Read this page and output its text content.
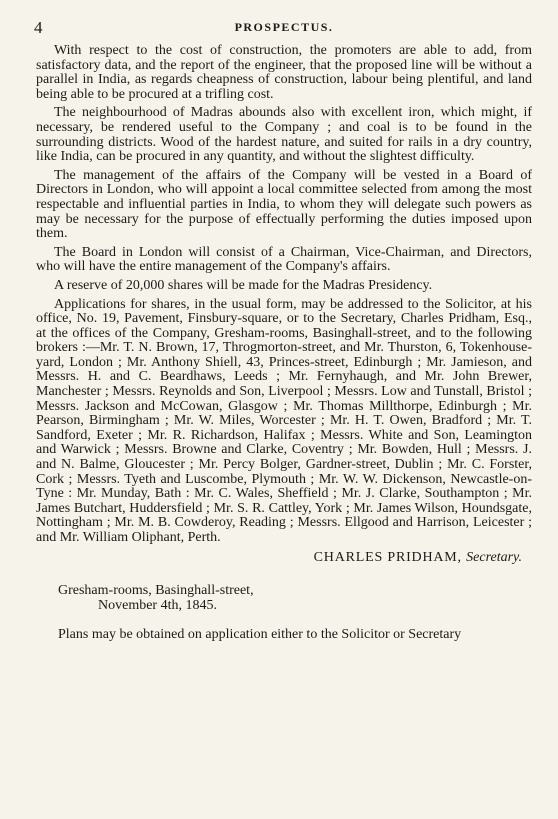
4	PROSPECTUS.

With respect to the cost of construction, the promoters are able to add, from satisfactory data, and the report of the engineer, that the proposed line will be without a parallel in India, as regards cheapness of construction, labour being plentiful, and land being able to be procured at a trifling cost.

The neighbourhood of Madras abounds also with excellent iron, which might, if necessary, be rendered useful to the Company ; and coal is to be found in the surrounding districts. Wood of the hardest nature, and suited for rails in a dry country, like India, can be procured in any quantity, and without the slightest difficulty.

The management of the affairs of the Company will be vested in a Board of Directors in London, who will appoint a local committee selected from among the most respectable and influential parties in India, to whom they will delegate such powers as may be necessary for the purpose of effectually performing the duties imposed upon them.

The Board in London will consist of a Chairman, Vice-Chairman, and Directors, who will have the entire management of the Company's affairs.

A reserve of 20,000 shares will be made for the Madras Presidency.

Applications for shares, in the usual form, may be addressed to the Solicitor, at his office, No. 19, Pavement, Finsbury-square, or to the Secretary, Charles Pridham, Esq., at the offices of the Company, Gresham-rooms, Basinghall-street, and to the following brokers :—Mr. T. N. Brown, 17, Throgmorton-street, and Mr. Thurston, 6, Tokenhouse-yard, London ; Mr. Anthony Shiell, 43, Princes-street, Edinburgh ; Mr. Jamieson, and Messrs. H. and C. Beardhaws, Leeds ; Mr. Fernyhaugh, and Mr. John Brewer, Manchester ; Messrs. Reynolds and Son, Liverpool ; Messrs. Low and Tunstall, Bristol ; Messrs. Jackson and McCowan, Glasgow ; Mr. Thomas Millthorpe, Edinburgh ; Mr. Pearson, Birmingham ; Mr. W. Miles, Worcester ; Mr. H. T. Owen, Bradford ; Mr. T. Sandford, Exeter ; Mr. R. Richardson, Halifax ; Messrs. White and Son, Leamington and Warwick ; Messrs. Browne and Clarke, Coventry ; Mr. Bowden, Hull ; Messrs. J. and N. Balme, Gloucester ; Mr. Percy Bolger, Gardner-street, Dublin ; Mr. C. Forster, Cork ; Messrs. Tyeth and Luscombe, Plymouth ; Mr. W. W. Dickenson, Newcastle-on-Tyne : Mr. Munday, Bath : Mr. C. Wales, Sheffield ; Mr. J. Clarke, Southampton ; Mr. James Butchart, Huddersfield ; Mr. S. R. Cattley, York ; Mr. James Wilson, Houndsgate, Nottingham ; Mr. M. B. Cowderoy, Reading ; Messrs. Ellgood and Harrison, Leicester ; and Mr. William Oliphant, Perth.

CHARLES PRIDHAM, Secretary.
Gresham-rooms, Basinghall-street,
November 4th, 1845.
Plans may be obtained on application either to the Solicitor or Secretary
